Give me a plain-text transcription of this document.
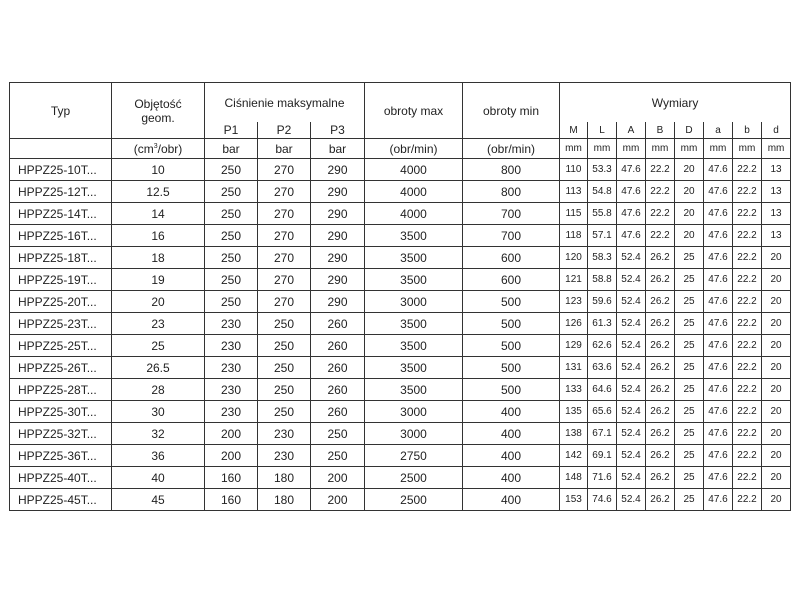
Typ	Objętość
geom.	Ciśnienie maksymalne			obroty max	obroty min	Wymiary							
		P1	P2	P3			M	L	A	B	D	a	b	d
	$(cm^3/obr)$	bar	bar	bar	(obr/min)	(obr/min)	mm	mm	mm	mm	mm	mm	mm	mm
HPPZ25-10T...	10	250	270	290	4000	800	110	53.3	47.6	22.2	20	47.6	22.2	13
HPPZ25-12T...	12.5	250	270	290	4000	800	113	54.8	47.6	22.2	20	47.6	22.2	13
HPPZ25-14T...	14	250	270	290	4000	700	115	55.8	47.6	22.2	20	47.6	22.2	13
HPPZ25-16T...	16	250	270	290	3500	700	118	57.1	47.6	22.2	20	47.6	22.2	13
HPPZ25-18T...	18	250	270	290	3500	600	120	58.3	52.4	26.2	25	47.6	22.2	20
HPPZ25-19T...	19	250	270	290	3500	600	121	58.8	52.4	26.2	25	47.6	22.2	20
HPPZ25-20T...	20	250	270	290	3000	500	123	59.6	52.4	26.2	25	47.6	22.2	20
HPPZ25-23T...	23	230	250	260	3500	500	126	61.3	52.4	26.2	25	47.6	22.2	20
HPPZ25-25T...	25	230	250	260	3500	500	129	62.6	52.4	26.2	25	47.6	22.2	20
HPPZ25-26T...	26.5	230	250	260	3500	500	131	63.6	52.4	26.2	25	47.6	22.2	20
HPPZ25-28T...	28	230	250	260	3500	500	133	64.6	52.4	26.2	25	47.6	22.2	20
HPPZ25-30T...	30	230	250	260	3000	400	135	65.6	52.4	26.2	25	47.6	22.2	20
HPPZ25-32T...	32	200	230	250	3000	400	138	67.1	52.4	26.2	25	47.6	22.2	20
HPPZ25-36T...	36	200	230	250	2750	400	142	69.1	52.4	26.2	25	47.6	22.2	20
HPPZ25-40T...	40	160	180	200	2500	400	148	71.6	52.4	26.2	25	47.6	22.2	20
HPPZ25-45T...	45	160	180	200	2500	400	153	74.6	52.4	26.2	25	47.6	22.2	20
